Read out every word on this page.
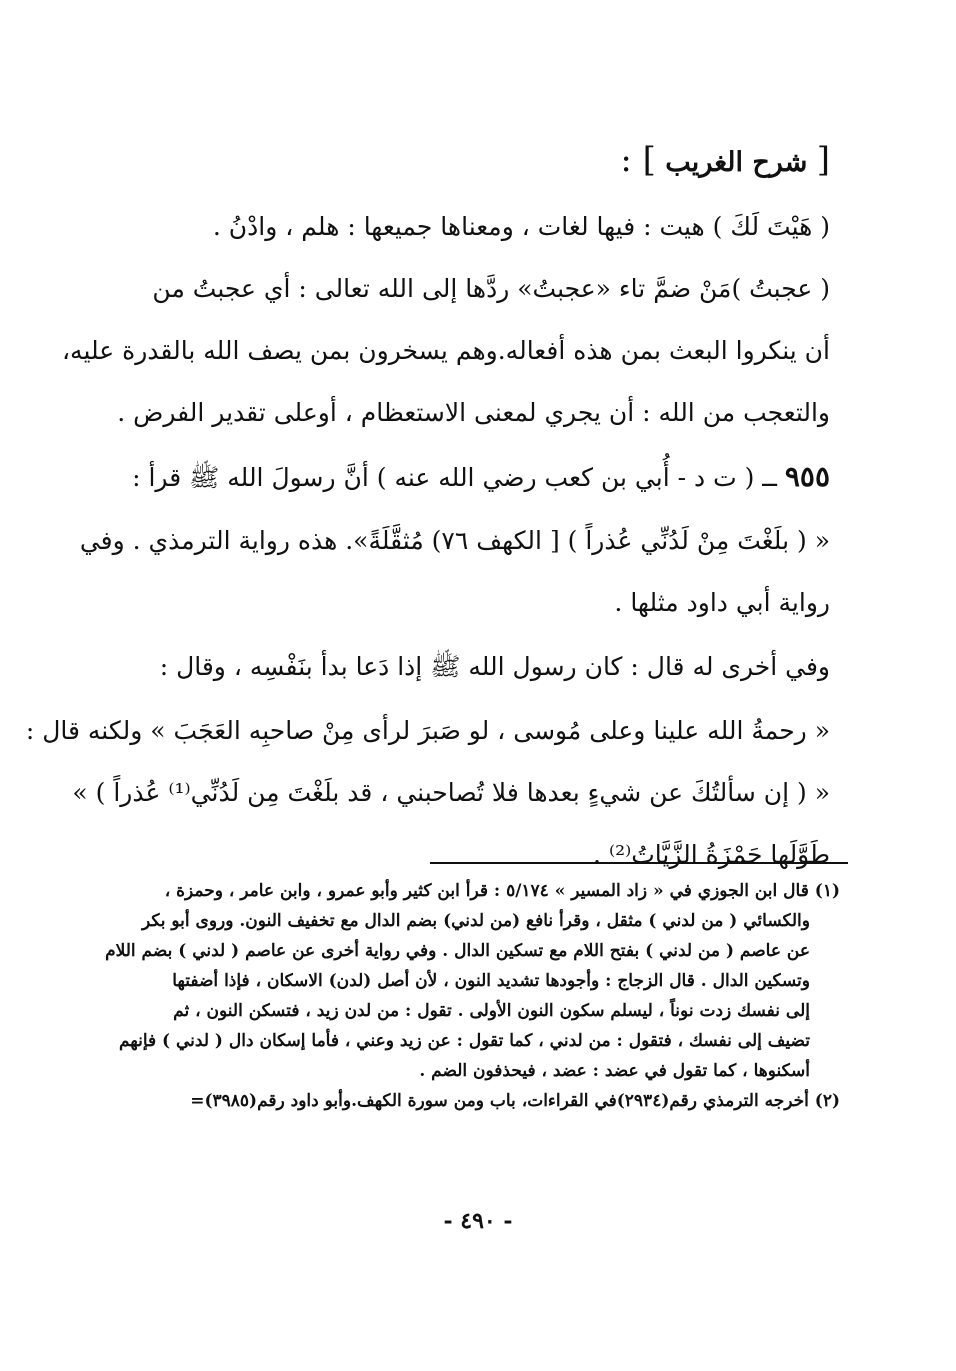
[ شرح الغريب ] :

( هَيْتَ لَكَ ) هيت : فيها لغات ، ومعناها جميعها : هلم ، وادْنُ .

( عجبتُ )مَنْ ضمَّ تاء «عجبتُ» ردَّها إلى الله تعالى : أي عجبتُ من

أن ينكروا البعث بمن هذه أفعاله.وهم يسخرون بمن يصف الله بالقدرة عليه،

والتعجب من الله : أن يجري لمعنى الاستعظام ، أوعلى تقدير الفرض .

٩٥٥ ــ ( ت د - أُبي بن كعب رضي الله عنه ) أنَّ رسولَ الله ﷺ قرأ :

« ( بلَغْتَ مِنْ لَدُنِّي عُذراً ) [ الكهف ٧٦) مُثقَّلَةً». هذه رواية الترمذي . وفي

رواية أبي داود مثلها .

وفي أخرى له قال : كان رسول الله ﷺ إذا دَعا بدأ بنَفْسِه ، وقال :

« رحمةُ الله علينا وعلى مُوسى ، لو صَبرَ لرأى مِنْ صاحبِه العَجَبَ » ولكنه قال :

« ( إن سألتُكَ عن شيءٍ بعدها فلا تُصاحبني ، قد بلَغْتَ مِن لَدُنِّي⁽¹⁾ عُذراً ) »

طَوَّلَها حَمْزَةُ الزَّيَّاتُ⁽²⁾ .

(١) قال ابن الجوزي في « زاد المسير » ٥/١٧٤ : قرأ ابن كثير وأبو عمرو ، وابن عامر ، وحمزة ،
والكسائي ( من لدني ) مثقل ، وقرأ نافع (من لدني) بضم الدال مع تخفيف النون. وروى أبو بكر
عن عاصم ( من لدني ) بفتح اللام مع تسكين الدال . وفي رواية أخرى عن عاصم ( لدني ) بضم اللام
وتسكين الدال . قال الزجاج : وأجودها تشديد النون ، لأن أصل (لدن) الاسكان ، فإذا أضفتها
إلى نفسك زدت نوناً ، ليسلم سكون النون الأولى . تقول : من لدن زيد ، فتسكن النون ، ثم
تضيف إلى نفسك ، فتقول : من لدني ، كما تقول : عن زيد وعني ، فأما إسكان دال ( لدني ) فإنهم
أسكنوها ، كما تقول في عضد : عضد ، فيحذفون الضم .
(٢) أخرجه الترمذي رقم(٢٩٣٤)في القراءات، باب ومن سورة الكهف.وأبو داود رقم(٣٩٨٥)=
- ٤٩٠ -
